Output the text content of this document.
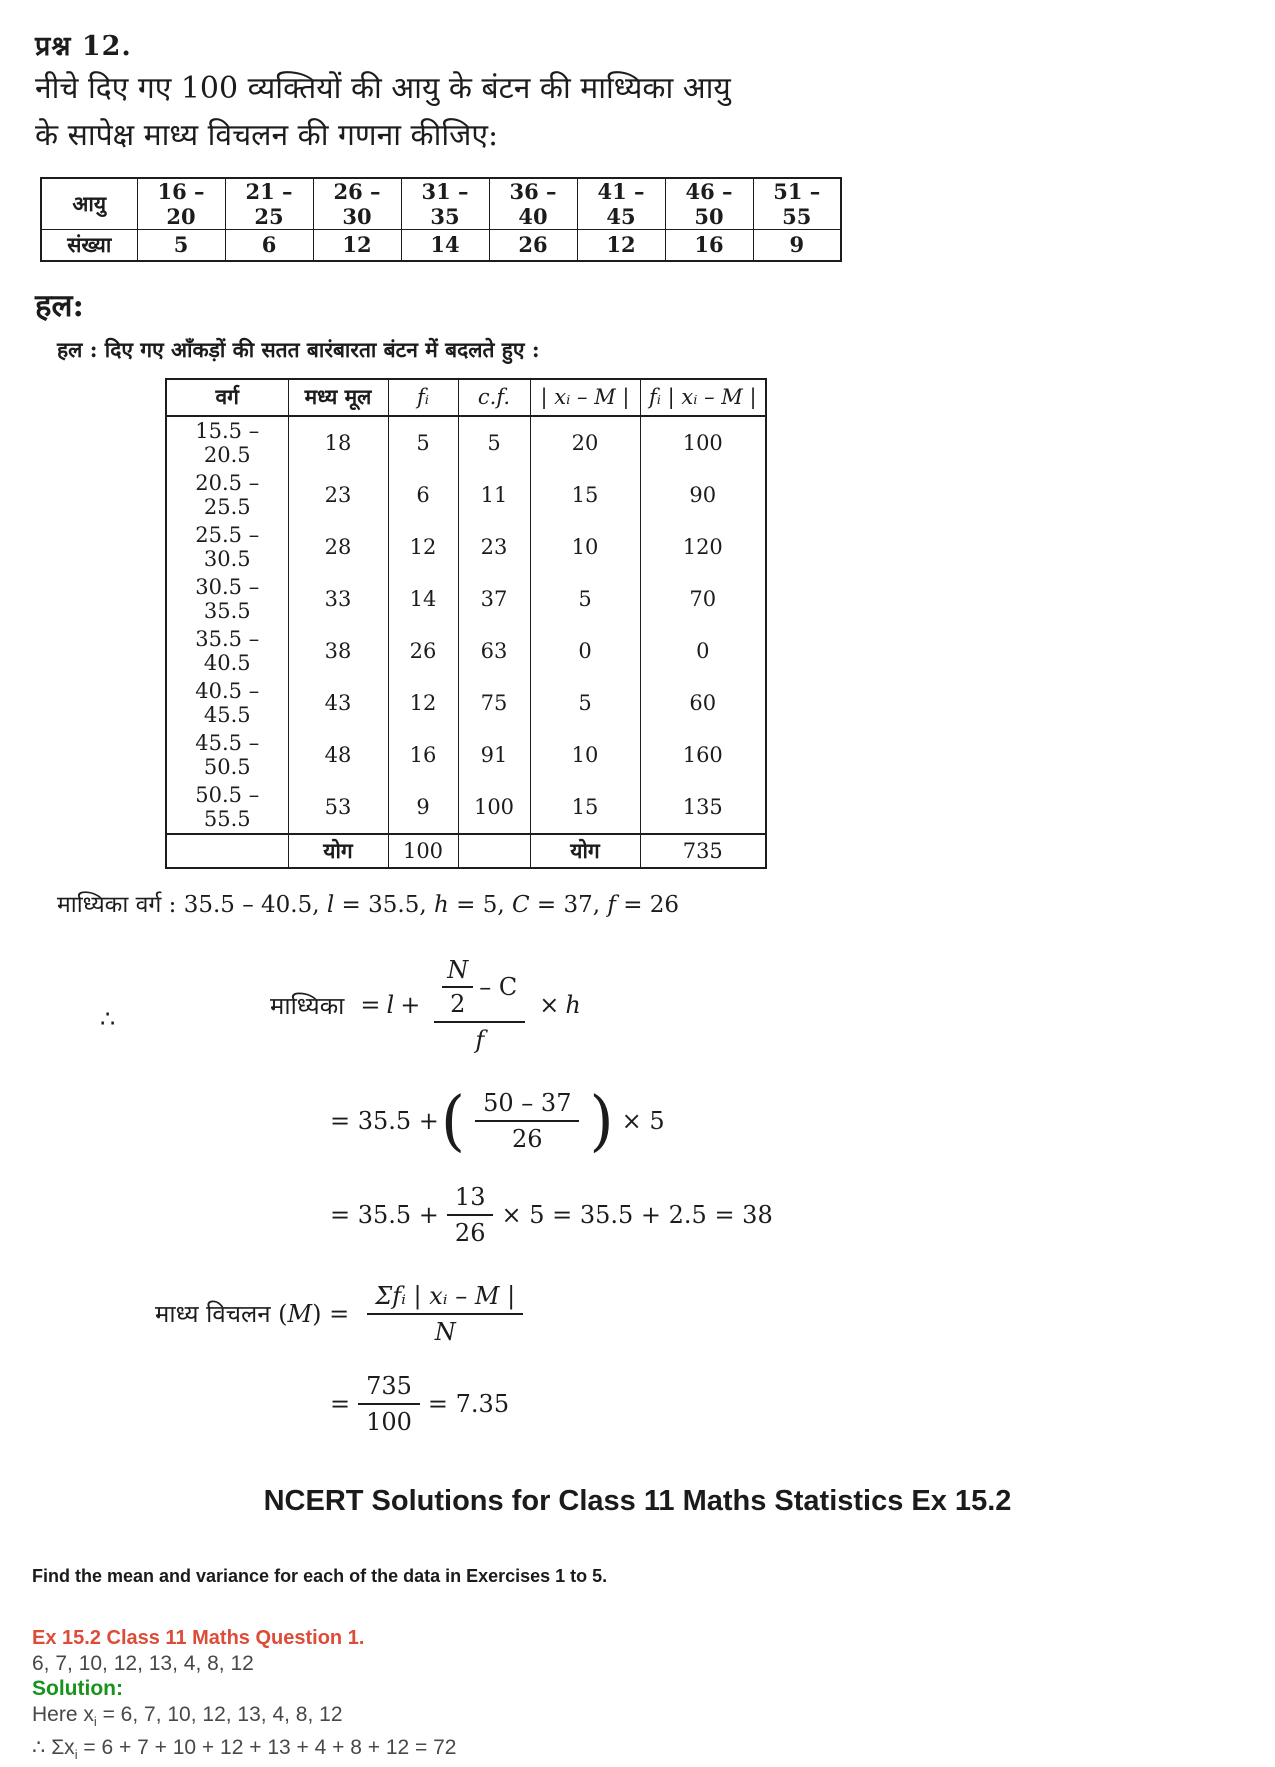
प्रश्न 12.

नीचे दिए गए 100 व्यक्तियों की आयु के बंटन की माध्यिका आयु

के सापेक्ष माध्य विचलन की गणना कीजिए:

आयु	16 – 20	21 – 25	26 – 30	31 – 35	36 – 40	41 – 45	46 – 50	51 – 55
संख्या	5	6	12	14	26	12	16	9
हल:

हल : दिए गए आँकड़ों की सतत बारंबारता बंटन में बदलते हुए :

वर्ग	मध्य मूल	fᵢ	c.f.	| xᵢ – M |	fᵢ | xᵢ – M |
15.5 – 20.5	18	5	5	20	100
20.5 – 25.5	23	6	11	15	90
25.5 – 30.5	28	12	23	10	120
30.5 – 35.5	33	14	37	5	70
35.5 – 40.5	38	26	63	0	0
40.5 – 45.5	43	12	75	5	60
45.5 – 50.5	48	16	91	10	160
50.5 – 55.5	53	9	100	15	135
	योग	100		योग	735

माध्यिका वर्ग : 35.5 – 40.5, l = 35.5, h = 5, C = 37, f = 26

∴	माध्यिका = $l + \frac{\frac{N}{2} - C}{f} \times h$
= 35.5 + ( $\frac{50 - 37}{26}$ ) × 5
= $35.5 + \frac{13}{26} \times 5 = 35.5 + 2.5 = 38$
माध्य विचलन $(M) = \frac{\text{Σfᵢ | xᵢ – M |}}{N}$
= $\frac{735}{100} = 7.35$
NCERT Solutions for Class 11 Maths Statistics Ex 15.2

Find the mean and variance for each of the data in Exercises 1 to 5.

Ex 15.2 Class 11 Maths Question 1.

6, 7, 10, 12, 13, 4, 8, 12

Solution:

Here $x_i = 6$, 7, 10, 12, 13, 4, 8, 12

∴ $\Sigma x_i = 6 + 7 + 10 + 12 + 13 + 4 + 8 + 12 = 72$
